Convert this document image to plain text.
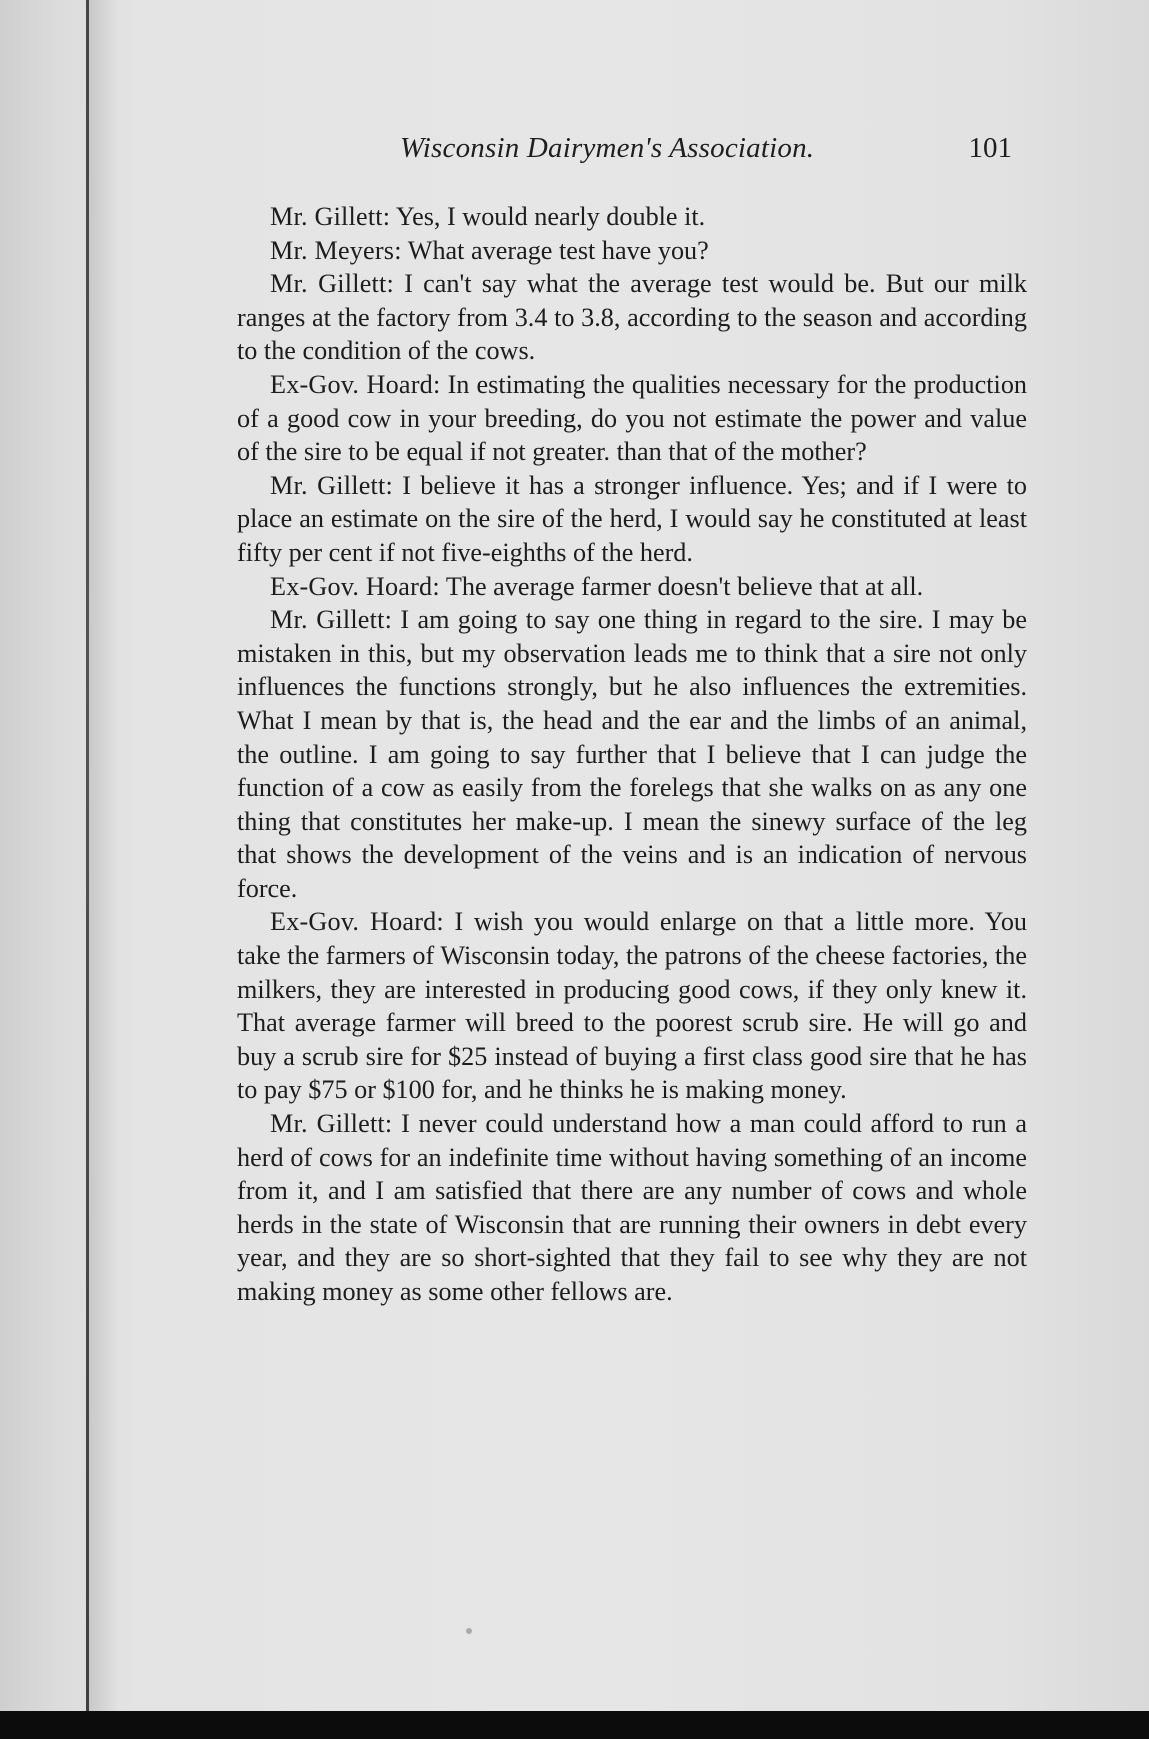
Wisconsin Dairymen's Association.	101

Mr. Gillett: Yes, I would nearly double it.

Mr. Meyers: What average test have you?

Mr. Gillett: I can't say what the average test would be. But our milk ranges at the factory from 3.4 to 3.8, according to the season and according to the condition of the cows.

Ex-Gov. Hoard: In estimating the qualities necessary for the production of a good cow in your breeding, do you not estimate the power and value of the sire to be equal if not greater. than that of the mother?

Mr. Gillett: I believe it has a stronger influence. Yes; and if I were to place an estimate on the sire of the herd, I would say he constituted at least fifty per cent if not five-eighths of the herd.

Ex-Gov. Hoard: The average farmer doesn't believe that at all.

Mr. Gillett: I am going to say one thing in regard to the sire. I may be mistaken in this, but my observation leads me to think that a sire not only influences the functions strongly, but he also influences the extremities. What I mean by that is, the head and the ear and the limbs of an animal, the outline. I am going to say further that I believe that I can judge the function of a cow as easily from the forelegs that she walks on as any one thing that constitutes her make-up. I mean the sinewy surface of the leg that shows the development of the veins and is an indication of nervous force.

Ex-Gov. Hoard: I wish you would enlarge on that a little more. You take the farmers of Wisconsin today, the patrons of the cheese factories, the milkers, they are interested in producing good cows, if they only knew it. That average farmer will breed to the poorest scrub sire. He will go and buy a scrub sire for $25 instead of buying a first class good sire that he has to pay $75 or $100 for, and he thinks he is making money.

Mr. Gillett: I never could understand how a man could afford to run a herd of cows for an indefinite time without having something of an income from it, and I am satisfied that there are any number of cows and whole herds in the state of Wisconsin that are running their owners in debt every year, and they are so short-sighted that they fail to see why they are not making money as some other fellows are.
